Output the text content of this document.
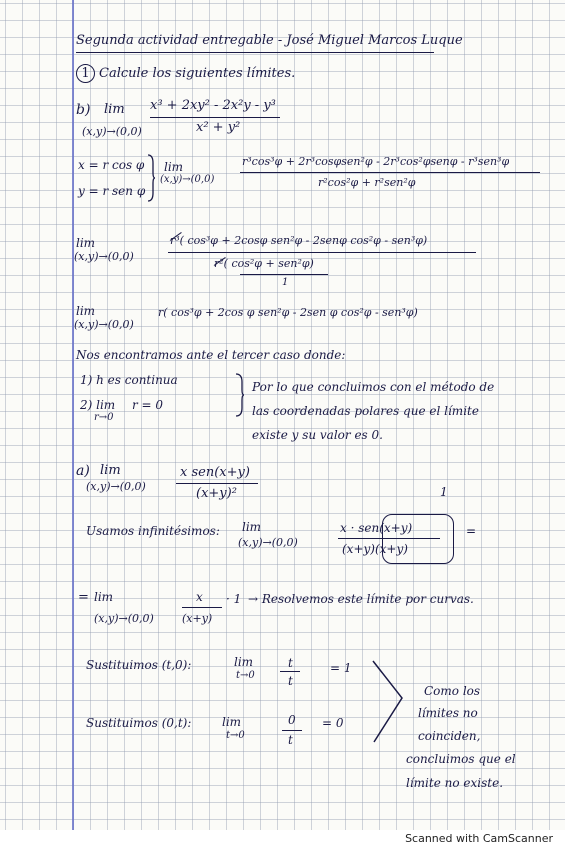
Segunda actividad entregable - José Miguel Marcos Luque
1 Calcule los siguientes límites.
b) lim
(x,y)→(0,0)
x³ + 2xy² - 2x²y - y³
x² + y²
x = r cos φ
y = r sen φ
lim
(x,y)→(0,0)
r³cos³φ + 2r³cosφsen²φ - 2r³cos²φsenφ - r³sen³φ
r²cos²φ + r²sen²φ
lim
(x,y)→(0,0)
r³( cos³φ + 2cosφ sen²φ - 2senφ cos²φ - sen³φ)
r²( cos²φ + sen²φ)
1
lim
(x,y)→(0,0)
r( cos³φ + 2cos φ sen²φ - 2sen φ cos²φ - sen³φ)
Nos encontramos ante el tercer caso donde:
1) h es continua
2) lim
r→0
r = 0
Por lo que concluimos con el método de
las coordenadas polares que el límite
existe y su valor es 0.
a) lim
(x,y)→(0,0)
x sen(x+y)
(x+y)²
Usamos infinitésimos: lim
(x,y)→(0,0)
x · sen(x+y)
(x+y)(x+y)
1
=
= lim
(x,y)→(0,0)
x
(x+y)
· 1 → Resolvemos este límite por curvas.
Sustituimos (t,0):	lim
t→0
t
t
= 1
Sustituimos (0,t):	lim
t→0
0
t
= 0
Como los
límites no
coinciden,
concluimos que el
límite no existe.
Scanned with CamScanner
